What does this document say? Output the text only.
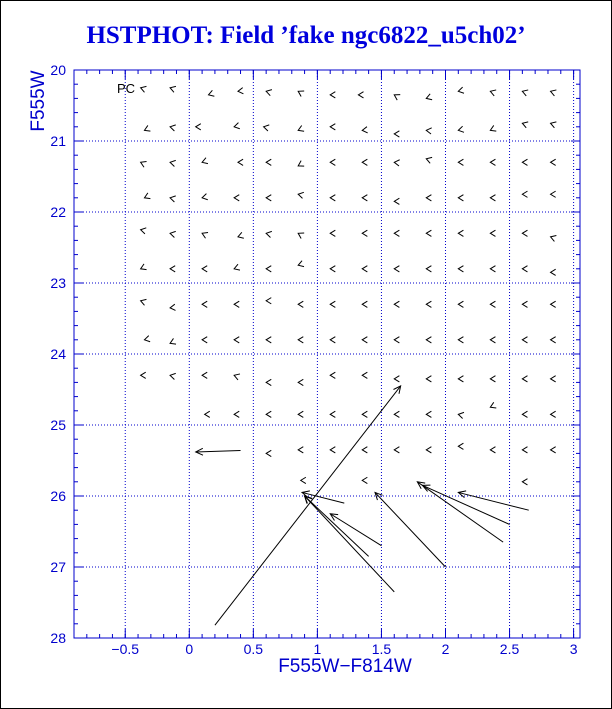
HSTPHOT: Field ’fake ngc6822_u5ch02’
−0.5	0	0.5	1	1.5	2	2.5	3
20
21
22
23
24
25
26
27
28
F555W−F814W
F555W	PC
